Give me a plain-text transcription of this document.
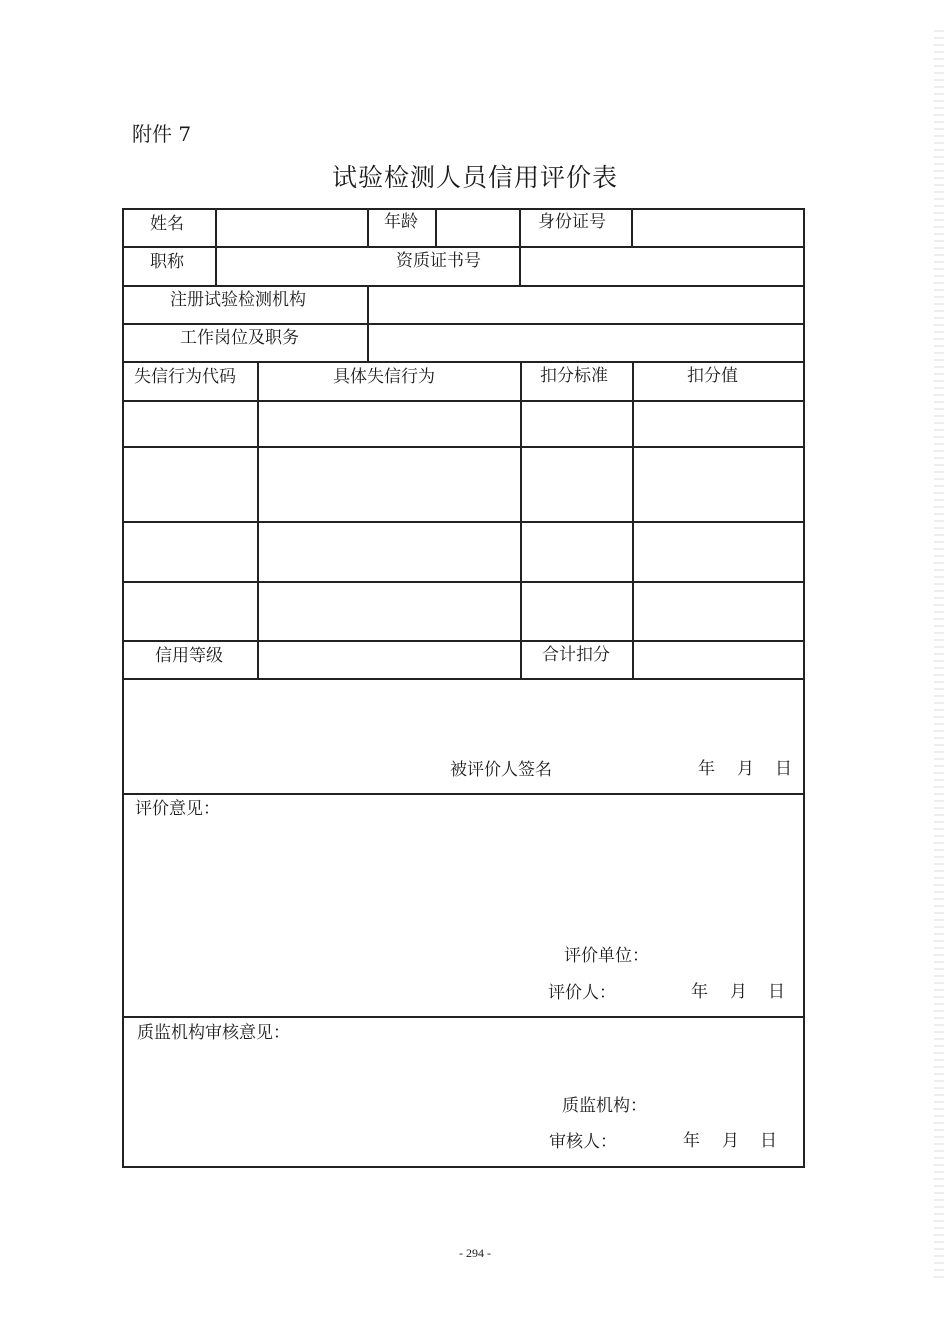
附件 7
试验检测人员信用评价表
姓名	年龄	身份证号
职称	资质证书号
注册试验检测机构
工作岗位及职务
失信行为代码	具体失信行为	扣分标准	扣分值
信用等级	合计扣分
被评价人签名	年 月 日
评价意见：
评价单位：
评价人：	年 月 日
质监机构审核意见：
质监机构：
审核人：	年 月 日
- 294 -
